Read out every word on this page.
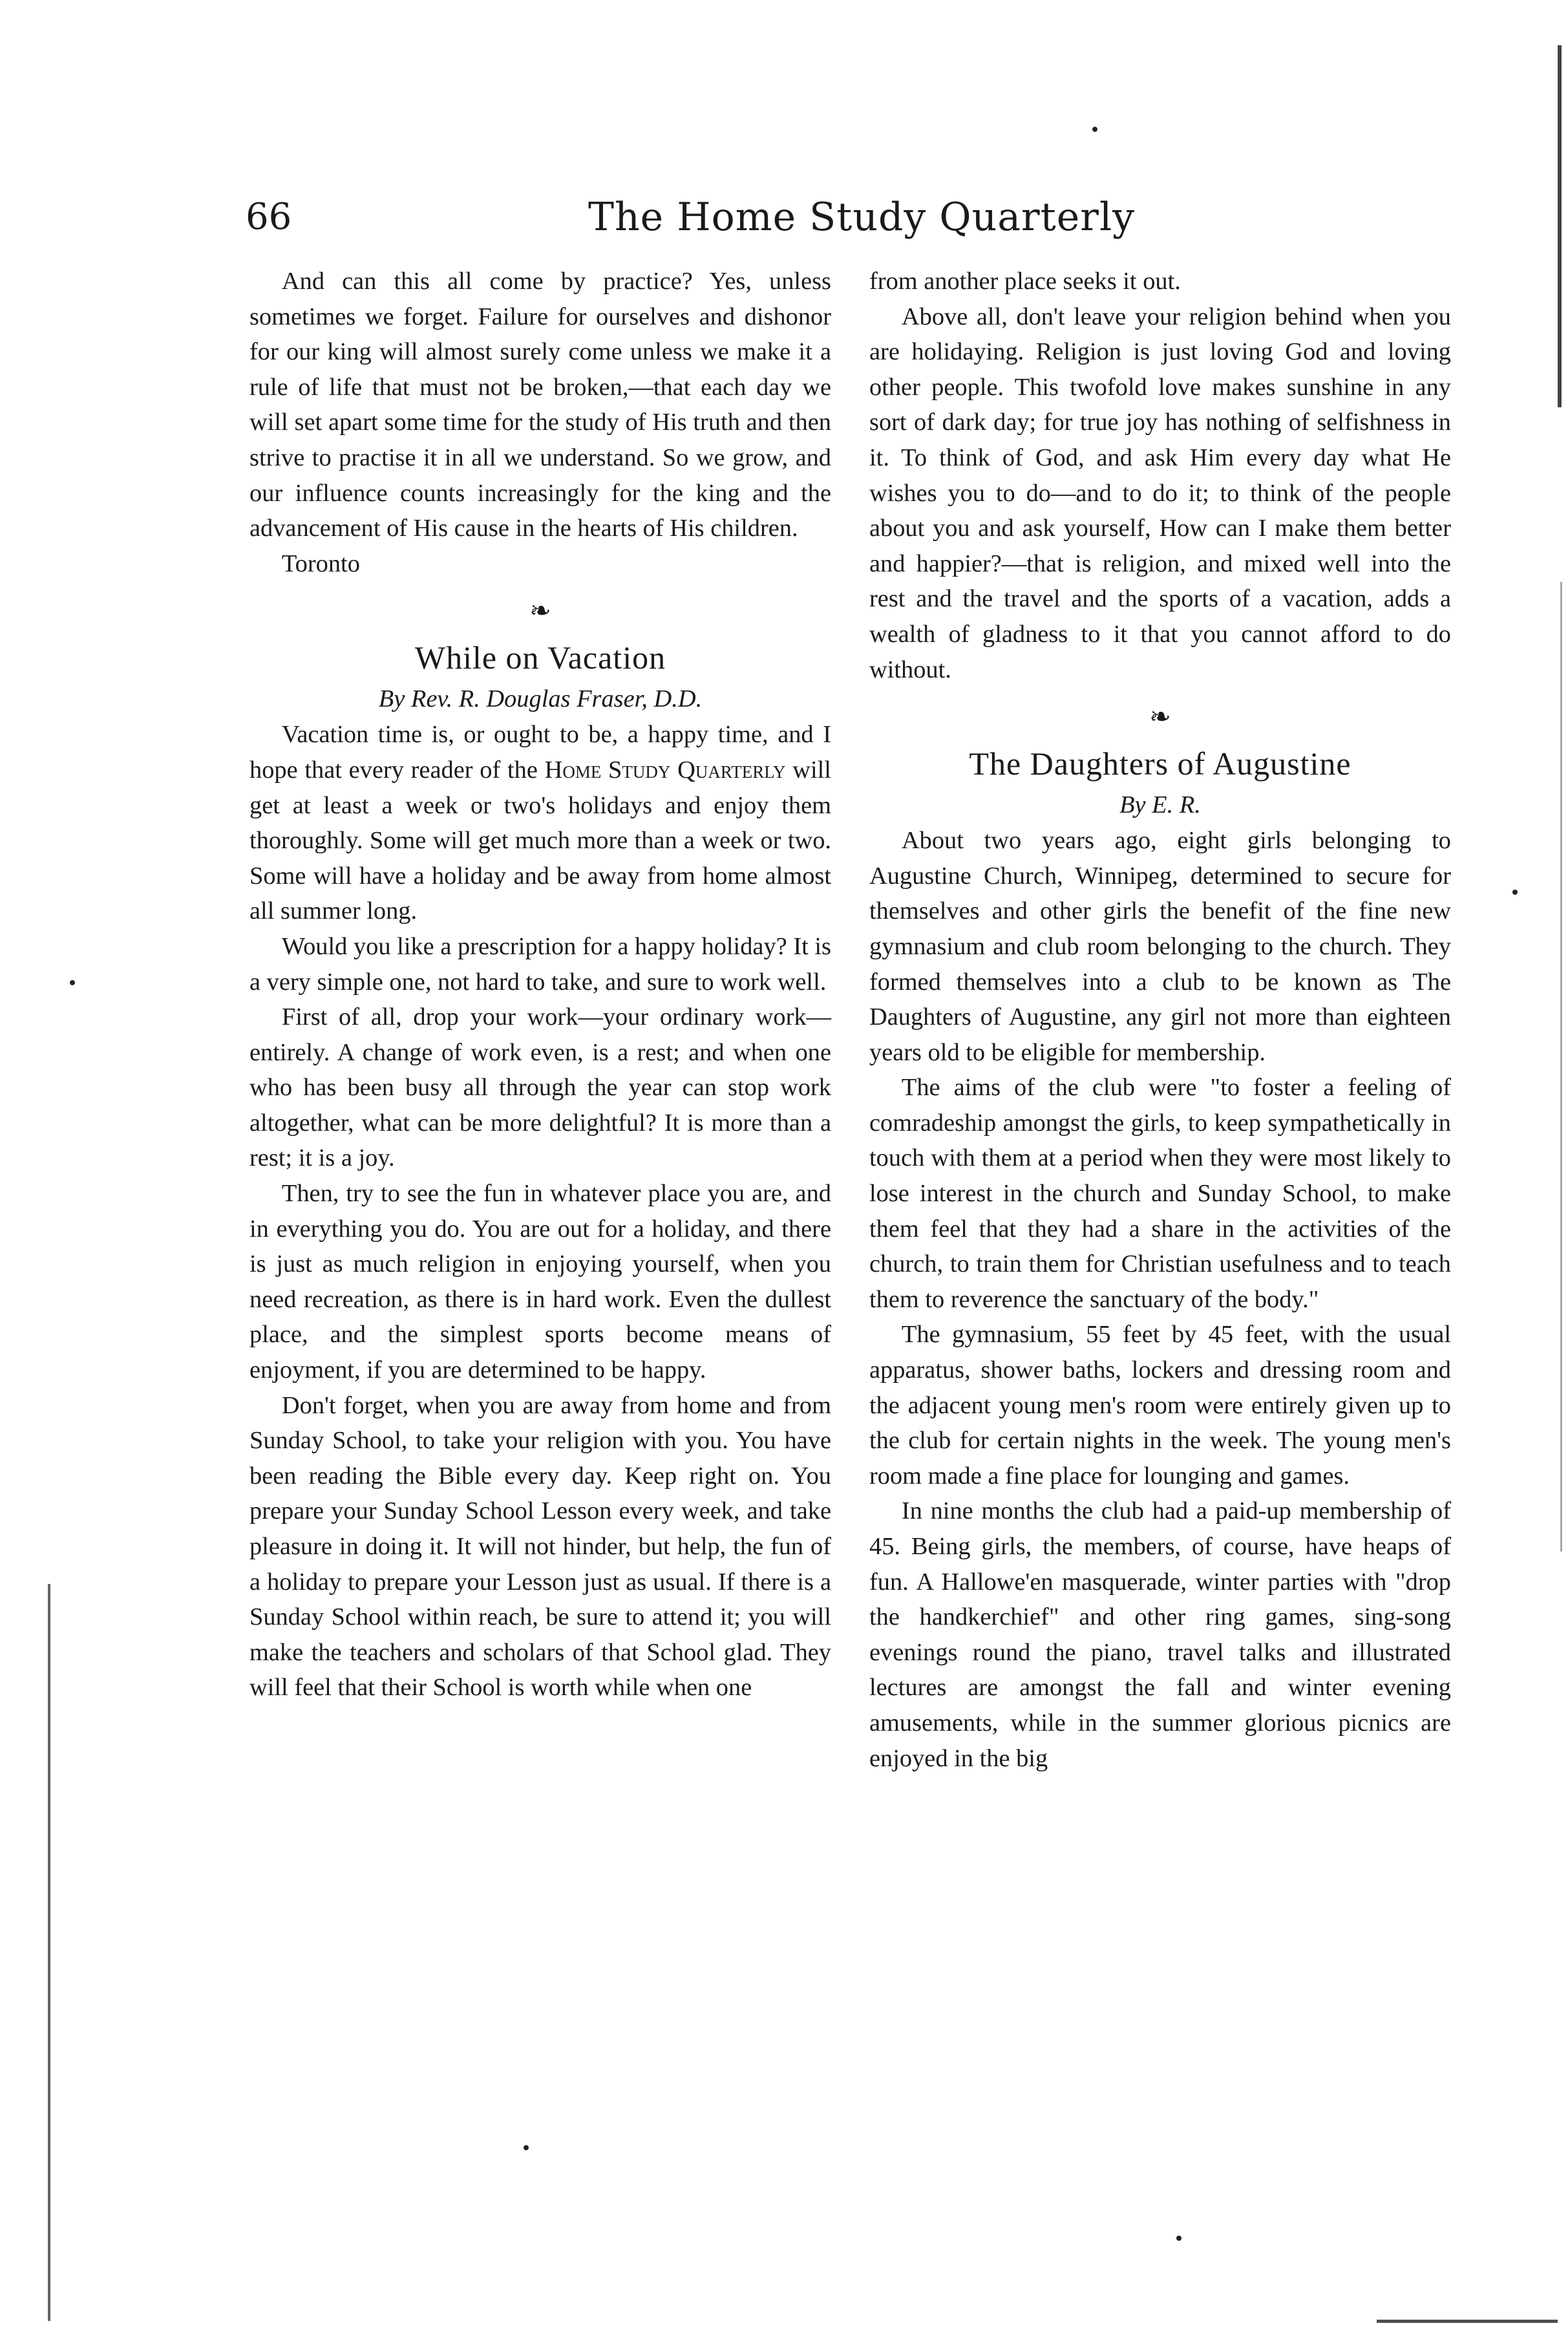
66	The Home Study Quarterly

And can this all come by practice? Yes, unless sometimes we forget. Failure for ourselves and dishonor for our king will almost surely come unless we make it a rule of life that must not be broken,—that each day we will set apart some time for the study of His truth and then strive to practise it in all we understand. So we grow, and our influence counts increasingly for the king and the advancement of His cause in the hearts of His children.

Toronto

❧
While on Vacation
By Rev. R. Douglas Fraser, D.D.

Vacation time is, or ought to be, a happy time, and I hope that every reader of the Home Study Quarterly will get at least a week or two's holidays and enjoy them thoroughly. Some will get much more than a week or two. Some will have a holiday and be away from home almost all summer long.

Would you like a prescription for a happy holiday? It is a very simple one, not hard to take, and sure to work well.

First of all, drop your work—your ordinary work—entirely. A change of work even, is a rest; and when one who has been busy all through the year can stop work altogether, what can be more delightful? It is more than a rest; it is a joy.

Then, try to see the fun in whatever place you are, and in everything you do. You are out for a holiday, and there is just as much religion in enjoying yourself, when you need recreation, as there is in hard work. Even the dullest place, and the simplest sports become means of enjoyment, if you are determined to be happy.

Don't forget, when you are away from home and from Sunday School, to take your religion with you. You have been reading the Bible every day. Keep right on. You prepare your Sunday School Lesson every week, and take pleasure in doing it. It will not hinder, but help, the fun of a holiday to prepare your Lesson just as usual. If there is a Sunday School within reach, be sure to attend it; you will make the teachers and scholars of that School glad. They will feel that their School is worth while when one

from another place seeks it out.

Above all, don't leave your religion behind when you are holidaying. Religion is just loving God and loving other people. This twofold love makes sunshine in any sort of dark day; for true joy has nothing of selfishness in it. To think of God, and ask Him every day what He wishes you to do—and to do it; to think of the people about you and ask yourself, How can I make them better and happier?—that is religion, and mixed well into the rest and the travel and the sports of a vacation, adds a wealth of gladness to it that you cannot afford to do without.

❧
The Daughters of Augustine
By E. R.

About two years ago, eight girls belonging to Augustine Church, Winnipeg, determined to secure for themselves and other girls the benefit of the fine new gymnasium and club room belonging to the church. They formed themselves into a club to be known as The Daughters of Augustine, any girl not more than eighteen years old to be eligible for membership.

The aims of the club were "to foster a feeling of comradeship amongst the girls, to keep sympathetically in touch with them at a period when they were most likely to lose interest in the church and Sunday School, to make them feel that they had a share in the activities of the church, to train them for Christian usefulness and to teach them to reverence the sanctuary of the body."

The gymnasium, 55 feet by 45 feet, with the usual apparatus, shower baths, lockers and dressing room and the adjacent young men's room were entirely given up to the club for certain nights in the week. The young men's room made a fine place for lounging and games.

In nine months the club had a paid-up membership of 45. Being girls, the members, of course, have heaps of fun. A Hallowe'en masquerade, winter parties with "drop the handkerchief" and other ring games, sing-song evenings round the piano, travel talks and illustrated lectures are amongst the fall and winter evening amusements, while in the summer glorious picnics are enjoyed in the big
